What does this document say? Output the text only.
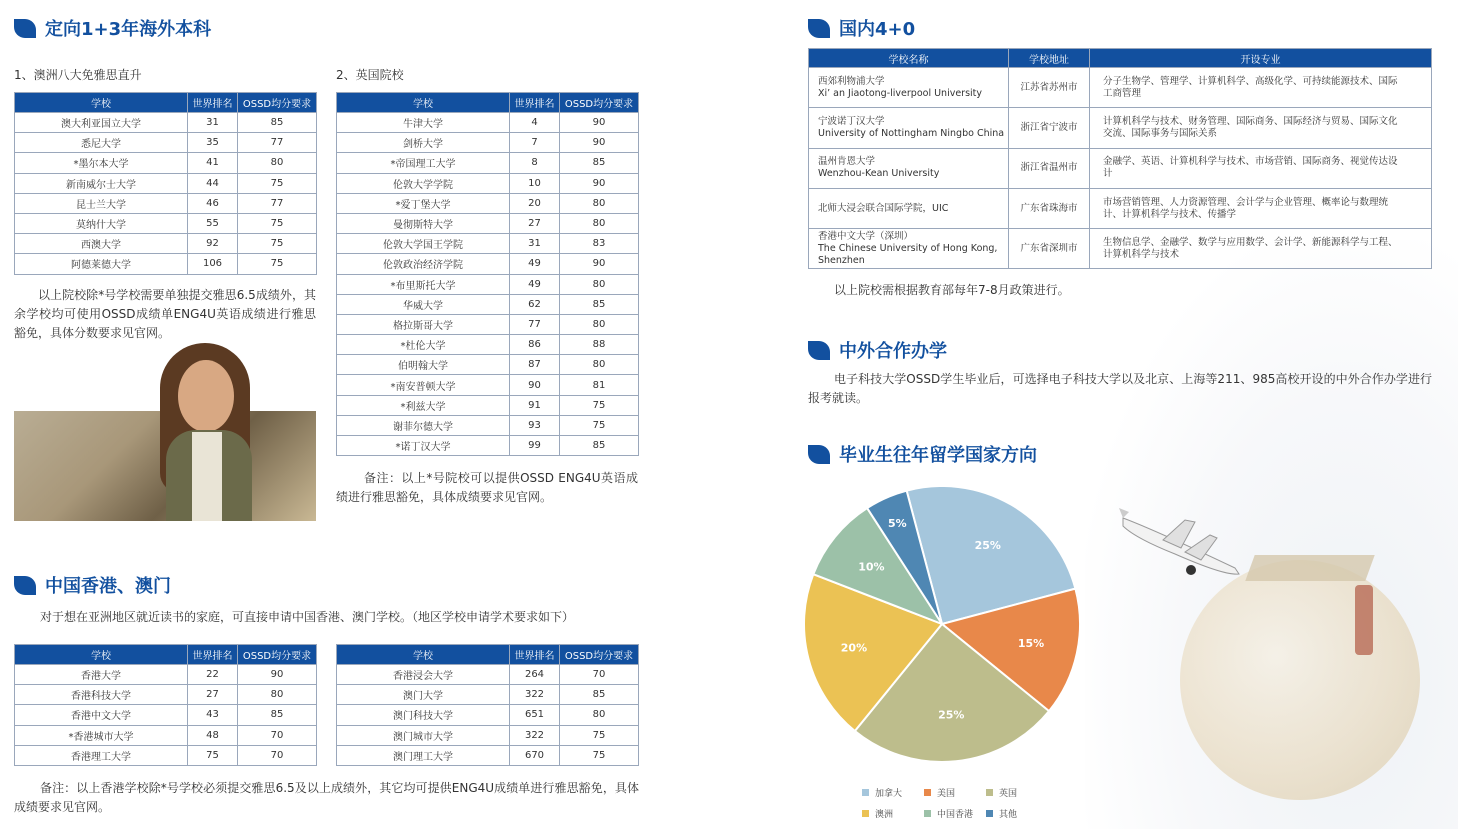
定向1+3年海外本科
1、澳洲八大免雅思直升	2、英国院校
学校	世界排名	OSSD均分要求
澳大利亚国立大学	31	85
悉尼大学	35	77
*墨尔本大学	41	80
新南威尔士大学	44	75
昆士兰大学	46	77
莫纳什大学	55	75
西澳大学	92	75
阿德莱德大学	106	75
以上院校除*号学校需要单独提交雅思6.5成绩外，其余学校均可使用OSSD成绩单ENG4U英语成绩进行雅思豁免，具体分数要求见官网。
学校	世界排名	OSSD均分要求
牛津大学	4	90
剑桥大学	7	90
*帝国理工大学	8	85
伦敦大学学院	10	90
*爱丁堡大学	20	80
曼彻斯特大学	27	80
伦敦大学国王学院	31	83
伦敦政治经济学院	49	90
*布里斯托大学	49	80
华威大学	62	85
格拉斯哥大学	77	80
*杜伦大学	86	88
伯明翰大学	87	80
*南安普顿大学	90	81
*利兹大学	91	75
谢菲尔德大学	93	75
*诺丁汉大学	99	85
备注：以上*号院校可以提供OSSD ENG4U英语成绩进行雅思豁免，具体成绩要求见官网。
中国香港、澳门
对于想在亚洲地区就近读书的家庭，可直接申请中国香港、澳门学校。（地区学校申请学术要求如下）
学校	世界排名	OSSD均分要求
香港大学	22	90
香港科技大学	27	80
香港中文大学	43	85
*香港城市大学	48	70
香港理工大学	75	70
学校	世界排名	OSSD均分要求
香港浸会大学	264	70
澳门大学	322	85
澳门科技大学	651	80
澳门城市大学	322	75
澳门理工大学	670	75
备注：以上香港学校除*号学校必须提交雅思6.5及以上成绩外，其它均可提供ENG4U成绩单进行雅思豁免，具体成绩要求见官网。
国内4+0
学校名称	学校地址	开设专业

西郊利物浦大学
Xi’ an Jiaotong-liverpool University	江苏省苏州市	分子生物学、管理学、计算机科学、高级化学、可持续能源技术、国际工商管理

宁波诺丁汉大学
University of Nottingham Ningbo China	浙江省宁波市	计算机科学与技术、财务管理、国际商务、国际经济与贸易、国际文化交流、国际事务与国际关系

温州肯恩大学
Wenzhou-Kean University	浙江省温州市	金融学、英语、计算机科学与技术、市场营销、国际商务、视觉传达设计

北师大浸会联合国际学院，UIC	广东省珠海市	市场营销管理、人力资源管理、会计学与企业管理、概率论与数理统计、计算机科学与技术、传播学

香港中文大学（深圳）
The Chinese University of Hong Kong, Shenzhen	广东省深圳市	生物信息学、金融学、数学与应用数学、会计学、新能源科学与工程、计算机科学与技术
以上院校需根据教育部每年7-8月政策进行。
中外合作办学
电子科技大学OSSD学生毕业后，可选择电子科技大学以及北京、上海等211、985高校开设的中外合作办学进行报考就读。
毕业生往年留学国家方向
25%
15%
25%
20%
10%
5%
加拿大	美国	英国
澳洲	中国香港	其他
